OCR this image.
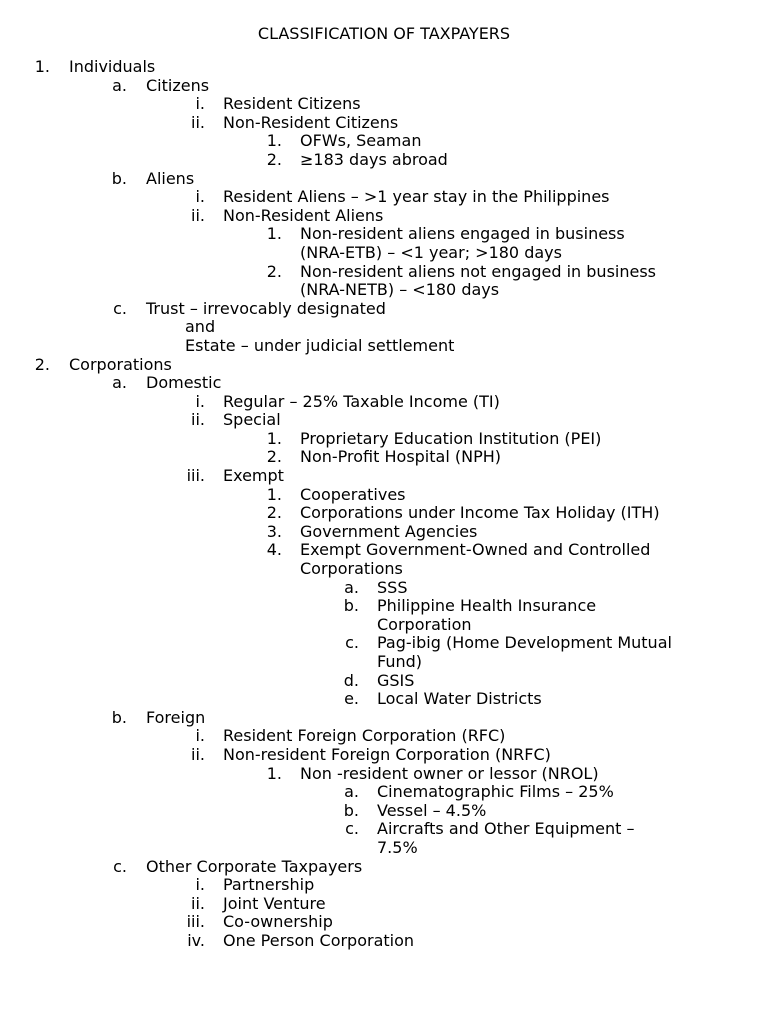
CLASSIFICATION OF TAXPAYERS
1. Individuals
a. Citizens
i. Resident Citizens
ii. Non-Resident Citizens
1. OFWs, Seaman
2. ≥183 days abroad
b. Aliens
i. Resident Aliens – >1 year stay in the Philippines
ii. Non-Resident Aliens
1. Non-resident aliens engaged in business
(NRA-ETB) – <1 year; >180 days
2. Non-resident aliens not engaged in business
(NRA-NETB) – <180 days
c. Trust – irrevocably designated
and
Estate – under judicial settlement
2. Corporations
a. Domestic
i. Regular – 25% Taxable Income (TI)
ii. Special
1. Proprietary Education Institution (PEI)
2. Non-Profit Hospital (NPH)
iii. Exempt
1. Cooperatives
2. Corporations under Income Tax Holiday (ITH)
3. Government Agencies
4. Exempt Government-Owned and Controlled
Corporations
a. SSS
b. Philippine Health Insurance
Corporation
c. Pag-ibig (Home Development Mutual
Fund)
d. GSIS
e. Local Water Districts
b. Foreign
i. Resident Foreign Corporation (RFC)
ii. Non-resident Foreign Corporation (NRFC)
1. Non -resident owner or lessor (NROL)
a. Cinematographic Films – 25%
b. Vessel – 4.5%
c. Aircrafts and Other Equipment –
7.5%
c. Other Corporate Taxpayers
i. Partnership
ii. Joint Venture
iii. Co-ownership
iv. One Person Corporation
